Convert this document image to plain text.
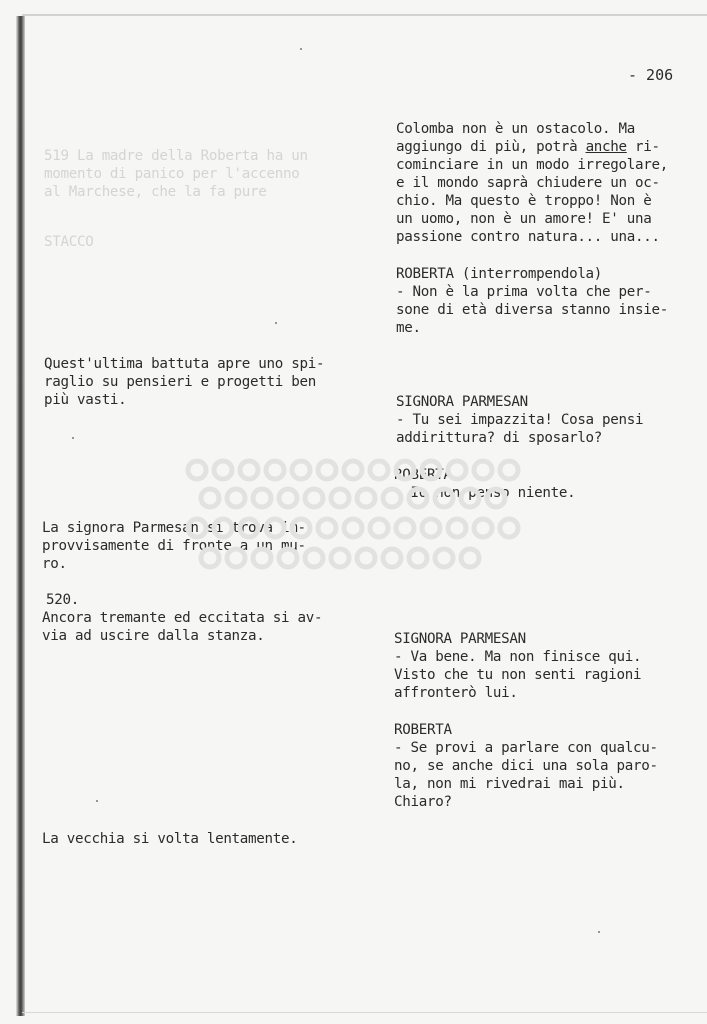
- 206
519 La madre della Roberta ha un
momento di panico per l'accenno
al Marchese, che la fa pure
STACCO
Colomba non è un ostacolo. Ma
aggiungo di più, potrà anche ri-
cominciare in un modo irregolare,
e il mondo saprà chiudere un oc-
chio. Ma questo è troppo! Non è
un uomo, non è un amore! E' una
passione contro natura... una...
ROBERTA (interrompendola)
- Non è la prima volta che per-
sone di età diversa stanno insie-
me.
SIGNORA PARMESAN
- Tu sei impazzita! Cosa pensi
addirittura? di sposarlo?
ROBERTA
- Io non penso niente.
SIGNORA PARMESAN
- Va bene. Ma non finisce qui.
Visto che tu non senti ragioni
affronterò lui.
ROBERTA
- Se provi a parlare con qualcu-
no, se anche dici una sola paro-
la, non mi rivedrai mai più.
Chiaro?
Quest'ultima battuta apre uno spi-
raglio su pensieri e progetti ben
più vasti.
La signora Parmesan si trova im-
provvisamente di fronte a un mu-
ro.
520.
Ancora tremante ed eccitata si av-
via ad uscire dalla stanza.
La vecchia si volta lentamente.
